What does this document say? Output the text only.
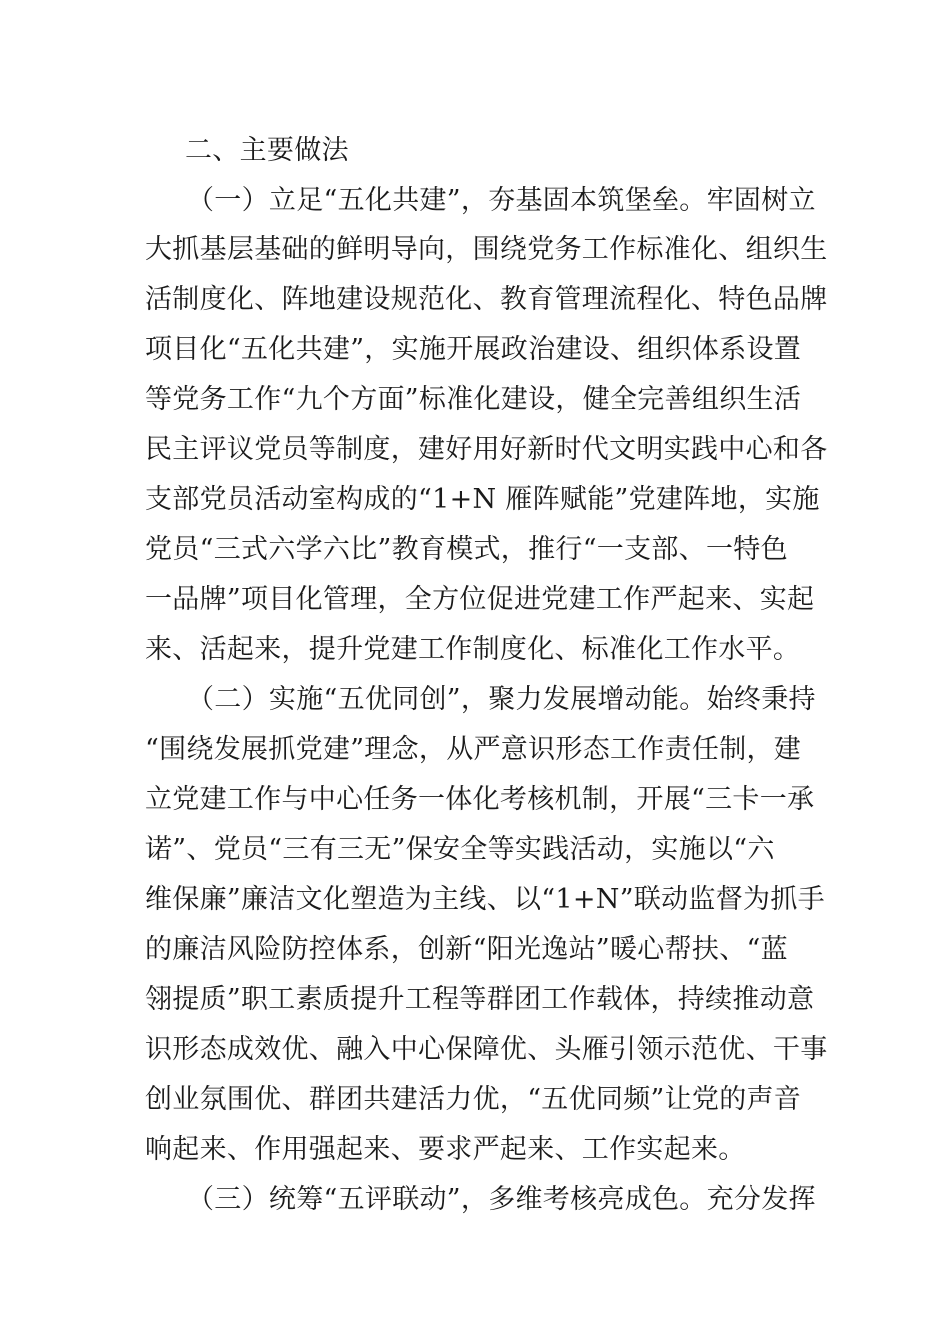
二、主要做法
（一）立足“五化共建”，夯基固本筑堡垒。牢固树立
大抓基层基础的鲜明导向，围绕党务工作标准化、组织生
活制度化、阵地建设规范化、教育管理流程化、特色品牌
项目化“五化共建”，实施开展政治建设、组织体系设置
等党务工作“九个方面”标准化建设，健全完善组织生活
民主评议党员等制度，建好用好新时代文明实践中心和各
支部党员活动室构成的“1+N 雁阵赋能”党建阵地，实施
党员“三式六学六比”教育模式，推行“一支部、一特色
一品牌”项目化管理，全方位促进党建工作严起来、实起
来、活起来，提升党建工作制度化、标准化工作水平。
（二）实施“五优同创”，聚力发展增动能。始终秉持
“围绕发展抓党建”理念，从严意识形态工作责任制，建
立党建工作与中心任务一体化考核机制，开展“三卡一承
诺”、党员“三有三无”保安全等实践活动，实施以“六
维保廉”廉洁文化塑造为主线、以“1+N”联动监督为抓手
的廉洁风险防控体系，创新“阳光逸站”暖心帮扶、“蓝
翎提质”职工素质提升工程等群团工作载体，持续推动意
识形态成效优、融入中心保障优、头雁引领示范优、干事
创业氛围优、群团共建活力优，“五优同频”让党的声音
响起来、作用强起来、要求严起来、工作实起来。
（三）统筹“五评联动”，多维考核亮成色。充分发挥
